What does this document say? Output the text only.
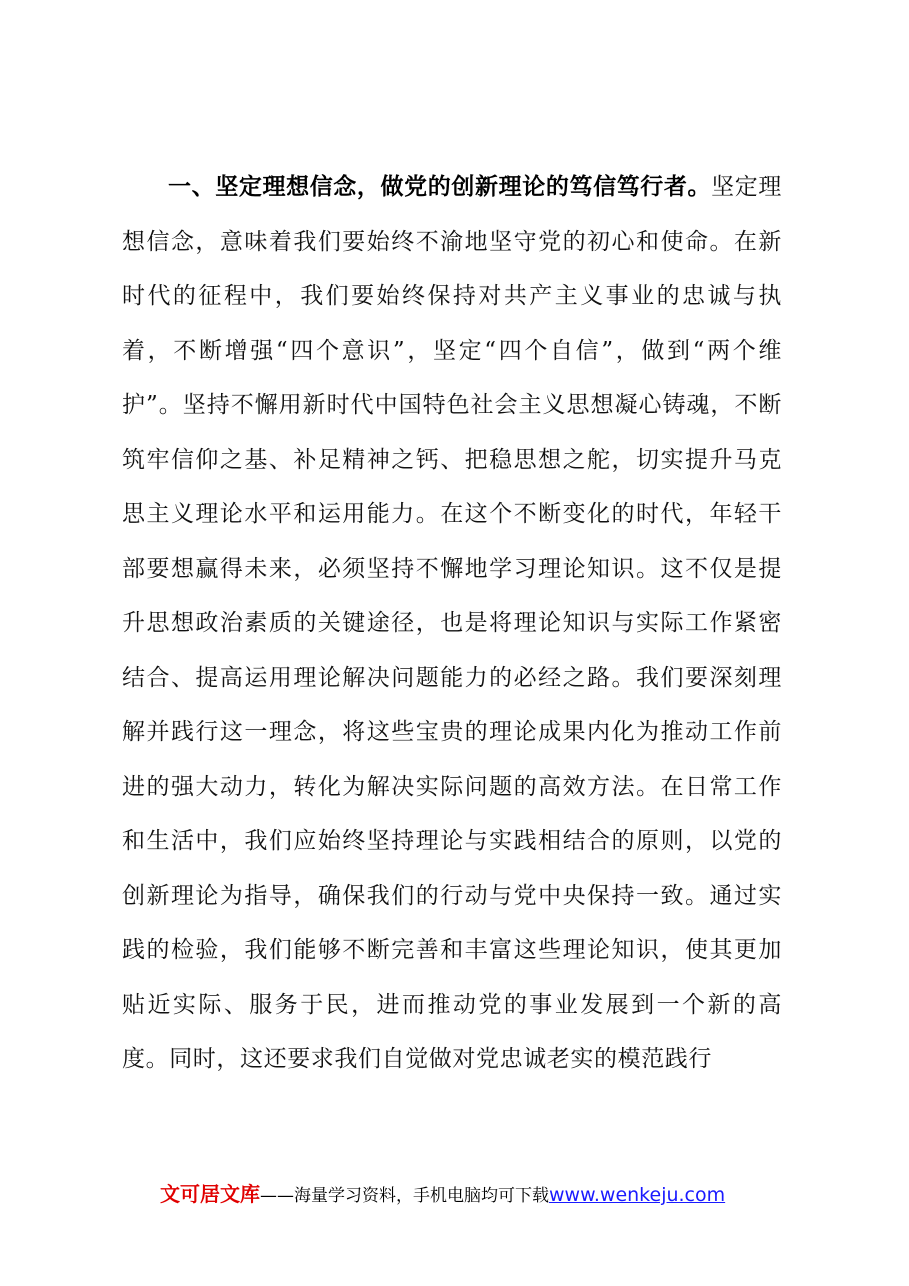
一、坚定理想信念，做党的创新理论的笃信笃行者。坚定理想信念，意味着我们要始终不渝地坚守党的初心和使命。在新时代的征程中，我们要始终保持对共产主义事业的忠诚与执着，不断增强“四个意识”，坚定“四个自信”，做到“两个维护”。坚持不懈用新时代中国特色社会主义思想凝心铸魂，不断筑牢信仰之基、补足精神之钙、把稳思想之舵，切实提升马克思主义理论水平和运用能力。在这个不断变化的时代，年轻干部要想赢得未来，必须坚持不懈地学习理论知识。这不仅是提升思想政治素质的关键途径，也是将理论知识与实际工作紧密结合、提高运用理论解决问题能力的必经之路。我们要深刻理解并践行这一理念，将这些宝贵的理论成果内化为推动工作前进的强大动力，转化为解决实际问题的高效方法。在日常工作和生活中，我们应始终坚持理论与实践相结合的原则，以党的创新理论为指导，确保我们的行动与党中央保持一致。通过实践的检验，我们能够不断完善和丰富这些理论知识，使其更加贴近实际、服务于民，进而推动党的事业发展到一个新的高度。同时，这还要求我们自觉做对党忠诚老实的模范践行

文可居文库——海量学习资料，手机电脑均可下载www.wenkeju.com
